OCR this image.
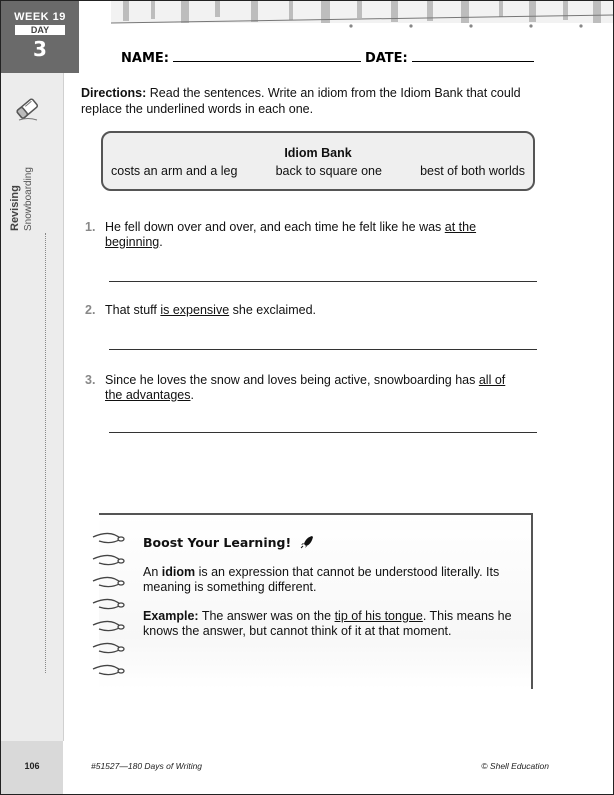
WEEK 19
DAY
3
Revising Snowboarding
106
NAME:	DATE:
Directions: Read the sentences. Write an idiom from the Idiom Bank that could replace the underlined words in each one.
Idiom Bank
costs an arm and a leg	back to square one	best of both worlds
1. He fell down over and over, and each time he felt like he was at the beginning.
2. That stuff is expensive she exclaimed.
3. Since he loves the snow and loves being active, snowboarding has all of the advantages.
Boost Your Learning!
An idiom is an expression that cannot be understood literally. Its meaning is something different.
Example: The answer was on the tip of his tongue. This means he knows the answer, but cannot think of it at that moment.
#51527—180 Days of Writing	© Shell Education
